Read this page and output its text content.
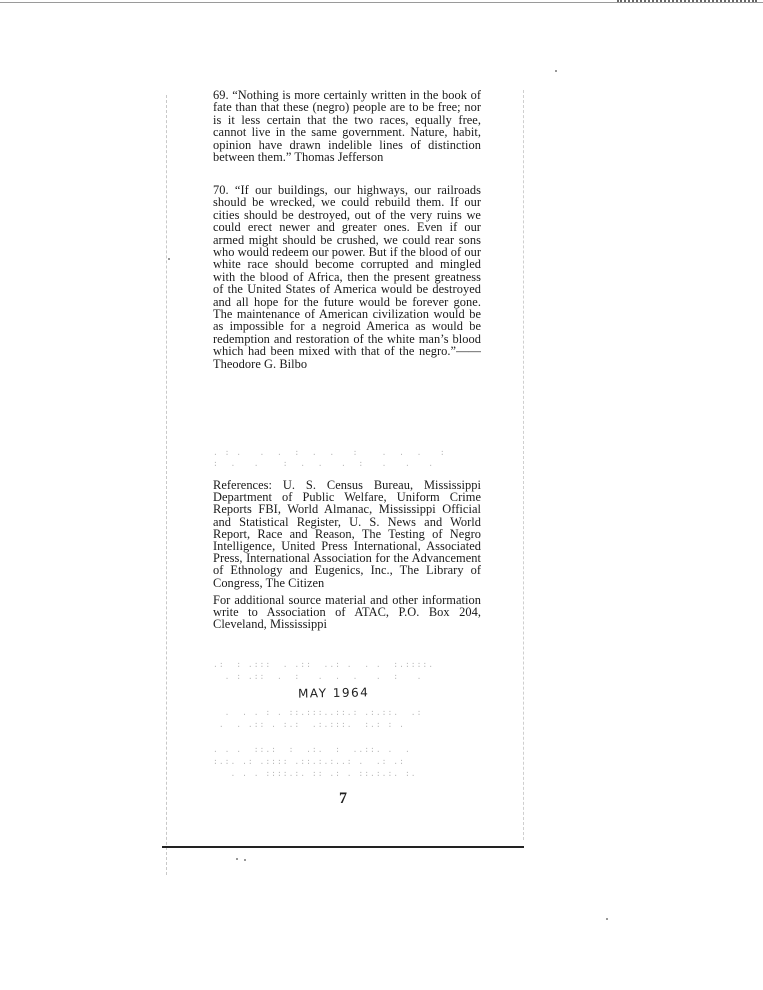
69. “Nothing is more certainly written in the book of fate than that these (negro) people are to be free; nor is it less certain that the two races, equally free, cannot live in the same government. Nature, habit, opinion have drawn indelible lines of distinction between them.” Thomas Jefferson

70. “If our buildings, our highways, our railroads should be wrecked, we could rebuild them. If our cities should be destroyed, out of the very ruins we could erect newer and greater ones. Even if our armed might should be crushed, we could rear sons who would redeem our power. But if the blood of our white race should become corrupted and mingled with the blood of Africa, then the present greatness of the United States of America would be destroyed and all hope for the future would be forever gone. The maintenance of American civilization would be as impossible for a negroid America as would be redemption and restoration of the white man’s blood which had been mixed with that of the negro.”——Theodore G. Bilbo

. : .   .  .  :  .  .   :    .  .  .   :
:  .   .    :  .  .   .  :   .   .   .

References: U. S. Census Bureau, Mississippi Department of Public Welfare, Uniform Crime Reports FBI, World Almanac, Mississippi Official and Statistical Register, U. S. News and World Report, Race and Reason, The Testing of Negro Intelligence, United Press International, Associated Press, International Association for the Advancement of Ethnology and Eugenics, Inc., The Library of Congress, The Citizen

For additional source material and other information write to Association of ATAC, P.O. Box 204, Cleveland, Mississippi

.:  : .:::  . .::  ..: .  . .  :.::::.
. : .::  .  :   .  .  .   .  :   .
MAY 1964
.  . . : . ::.:::..::.: .:.::.  .:
.  . .:: . :.:  .:.:::.  :.: : .
. . .  ::.:  :  .:.  :  ..::. .  .
:.:. .: .:::: .::.:.:..: .  .: .:
. . . ::::.:. :: .: . ::.:.:. :.
7
